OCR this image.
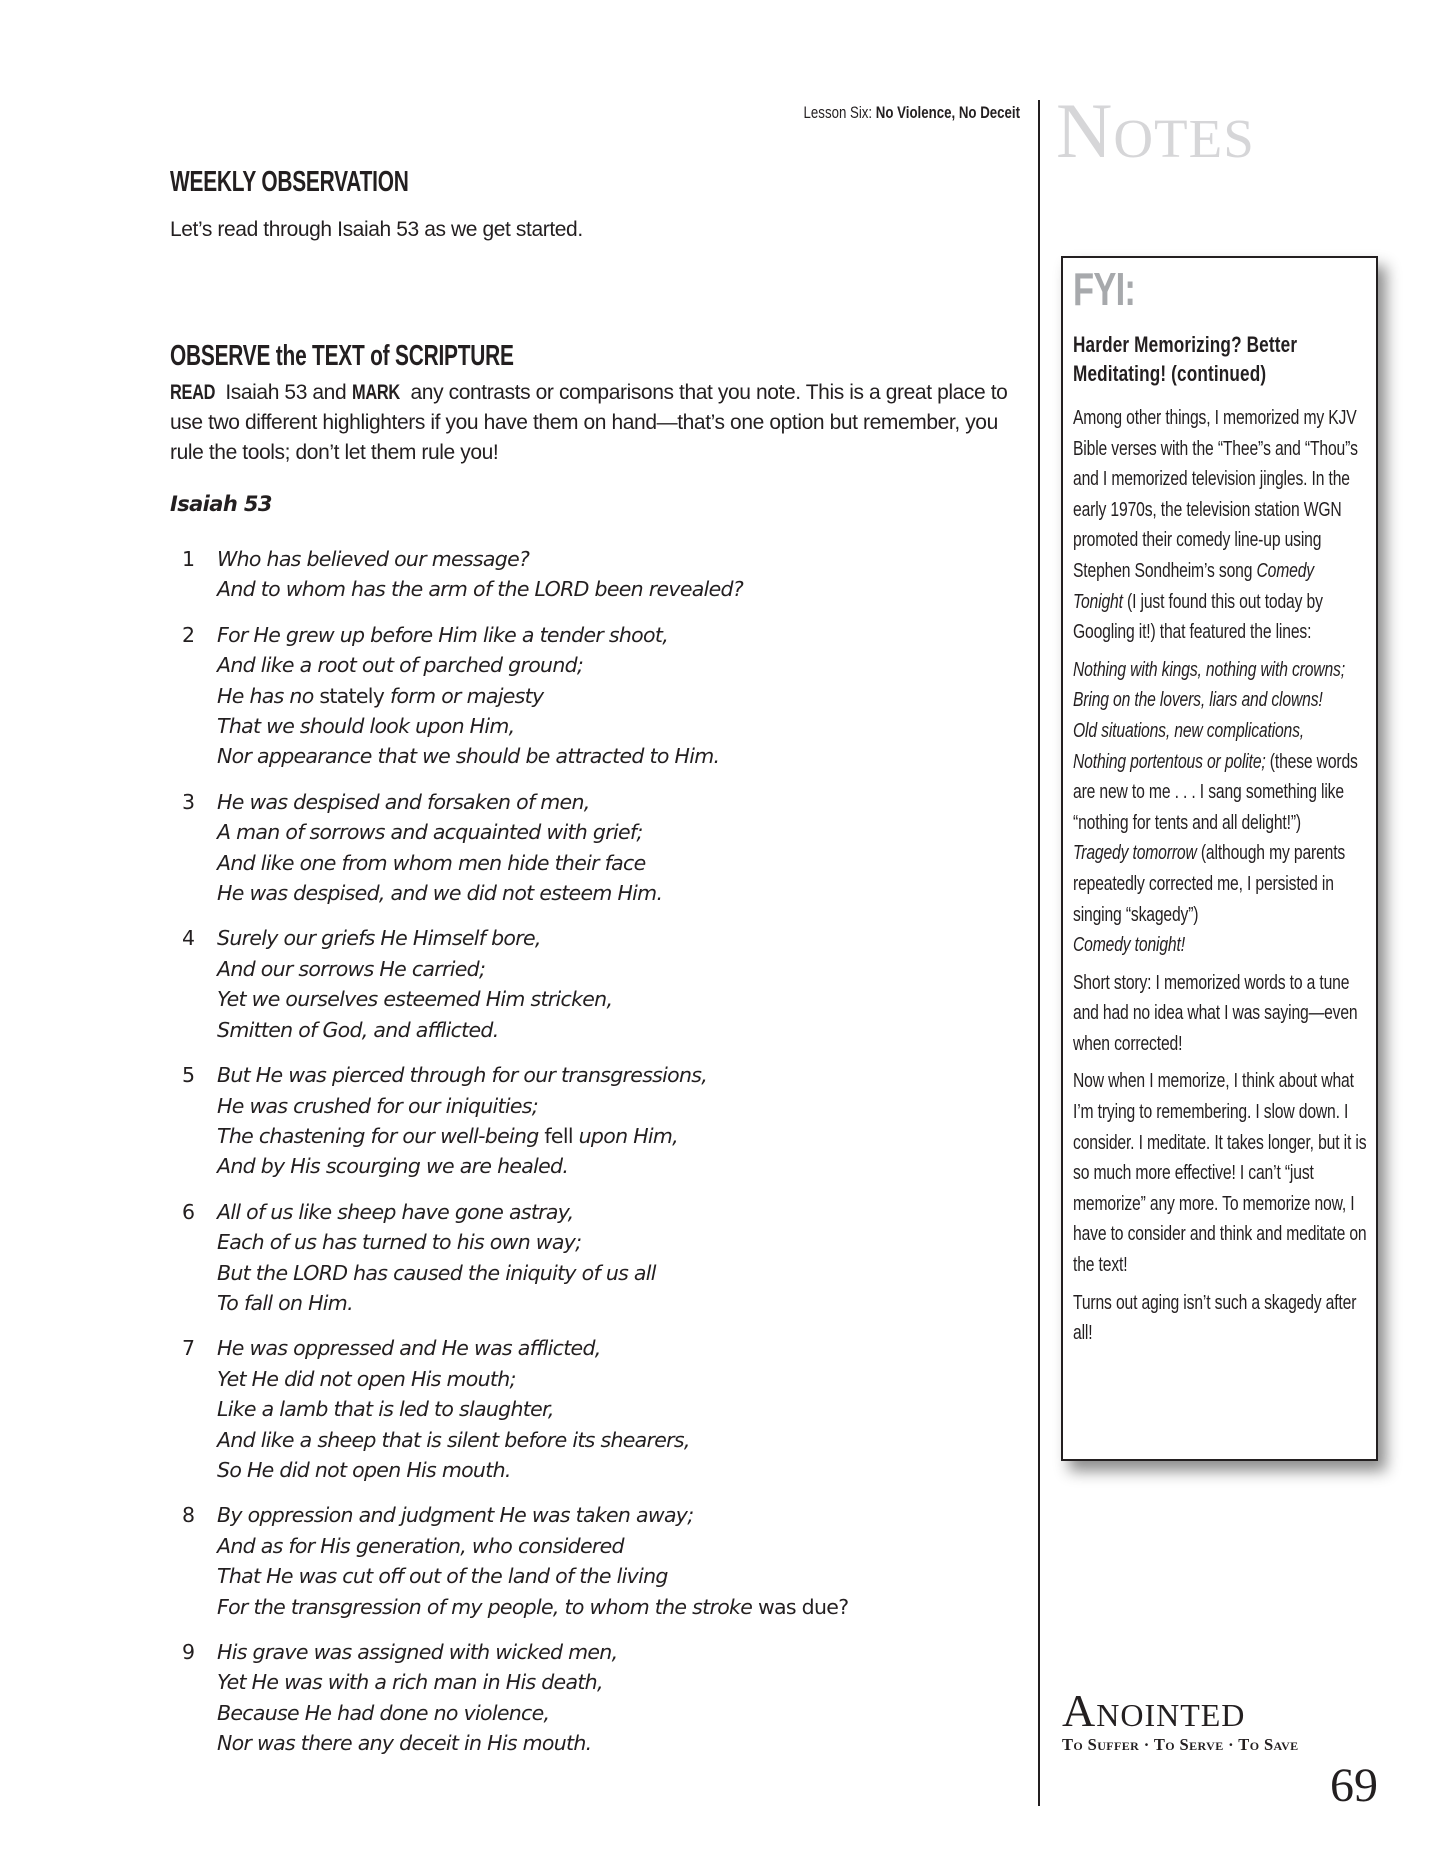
Lesson Six: No Violence, No Deceit Notes
WEEKLY OBSERVATION
Let’s read through Isaiah 53 as we get started.
OBSERVE the TEXT of SCRIPTURE
READ Isaiah 53 and MARK any contrasts or comparisons that you note. This is a great place to use two different highlighters if you have them on hand—that’s one option but remember, you rule the tools; don’t let them rule you!
Isaiah 53
1	Who has believed our message?
And to whom has the arm of the LORD been revealed?
2	For He grew up before Him like a tender shoot,
And like a root out of parched ground;
He has no stately form or majesty
That we should look upon Him,
Nor appearance that we should be attracted to Him.
3	He was despised and forsaken of men,
A man of sorrows and acquainted with grief;
And like one from whom men hide their face
He was despised, and we did not esteem Him.
4	Surely our griefs He Himself bore,
And our sorrows He carried;
Yet we ourselves esteemed Him stricken,
Smitten of God, and afflicted.
5	But He was pierced through for our transgressions,
He was crushed for our iniquities;
The chastening for our well-being fell upon Him,
And by His scourging we are healed.
6	All of us like sheep have gone astray,
Each of us has turned to his own way;
But the LORD has caused the iniquity of us all
To fall on Him.
7	He was oppressed and He was afflicted,
Yet He did not open His mouth;
Like a lamb that is led to slaughter,
And like a sheep that is silent before its shearers,
So He did not open His mouth.
8	By oppression and judgment He was taken away;
And as for His generation, who considered
That He was cut off out of the land of the living
For the transgression of my people, to whom the stroke was due?
9	His grave was assigned with wicked men,
Yet He was with a rich man in His death,
Because He had done no violence,
Nor was there any deceit in His mouth.
FYI:
Harder Memorizing? Better Meditating! (continued)

Among other things, I memorized my KJV Bible verses with the “Thee”s and “Thou”s and I memorized television jingles. In the early 1970s, the television station WGN promoted their comedy line-up using Stephen Sondheim’s song Comedy Tonight (I just found this out today by Googling it!) that featured the lines:

Nothing with kings, nothing with crowns;
Bring on the lovers, liars and clowns!
Old situations, new complications,
Nothing portentous or polite; (these words are new to me . . . I sang something like “nothing for tents and all delight!”)
Tragedy tomorrow (although my parents repeatedly corrected me, I persisted in singing “skagedy”)
Comedy tonight!

Short story: I memorized words to a tune and had no idea what I was saying—even when corrected!

Now when I memorize, I think about what I’m trying to remembering. I slow down. I consider. I meditate. It takes longer, but it is so much more effective! I can’t “just memorize” any more. To memorize now, I have to consider and think and meditate on the text!

Turns out aging isn’t such a skagedy after all!

Anointed
To Suffer · To Serve · To Save
69
